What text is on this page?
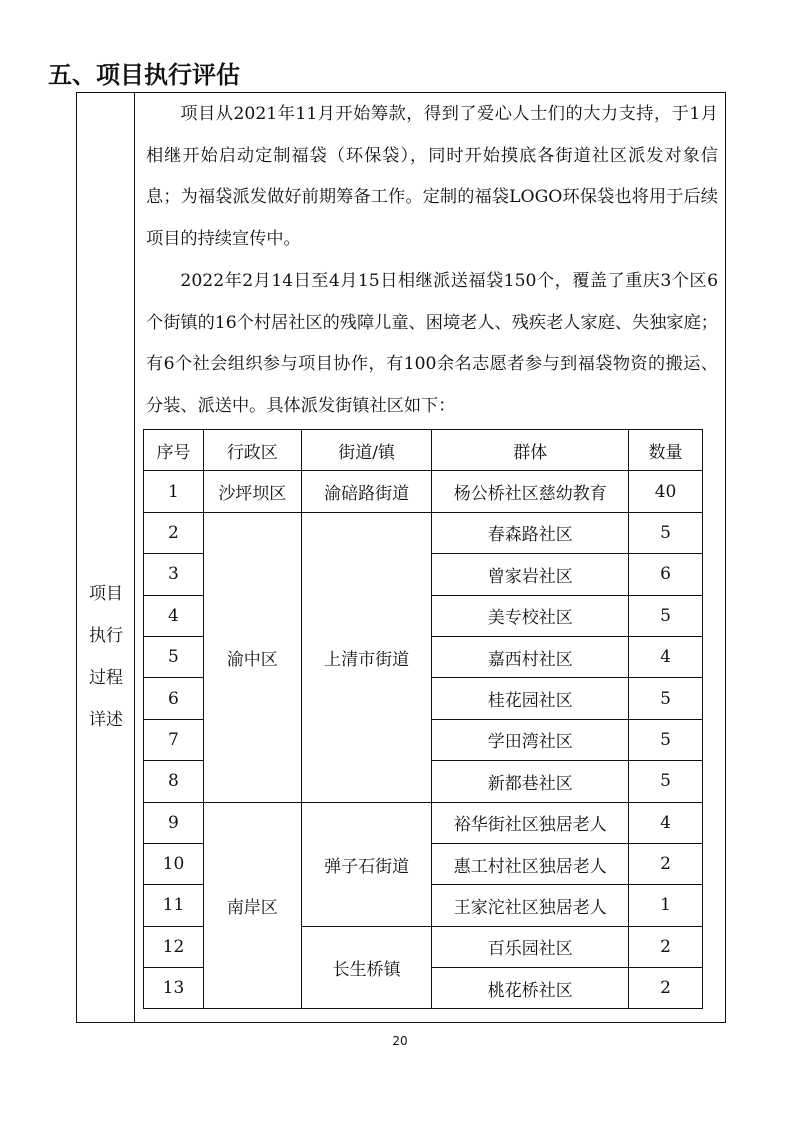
五、项目执行评估
项目
执行
过程
详述

项目从2021年11月开始筹款，得到了爱心人士们的大力支持，于1月相继开始启动定制福袋（环保袋），同时开始摸底各街道社区派发对象信息；为福袋派发做好前期筹备工作。定制的福袋LOGO环保袋也将用于后续项目的持续宣传中。

2022年2月14日至4月15日相继派送福袋150个，覆盖了重庆3个区6个街镇的16个村居社区的残障儿童、困境老人、残疾老人家庭、失独家庭；有6个社会组织参与项目协作，有100余名志愿者参与到福袋物资的搬运、分装、派送中。具体派发街镇社区如下：

序号	行政区	街道/镇	群体	数量
1	沙坪坝区	渝碚路街道	杨公桥社区慈幼教育	40
2	渝中区	上清市街道	春森路社区	5
3			曾家岩社区	6
4			美专校社区	5
5			嘉西村社区	4
6			桂花园社区	5
7			学田湾社区	5
8			新都巷社区	5
9	南岸区	弹子石街道	裕华街社区独居老人	4
10			惠工村社区独居老人	2
11			王家沱社区独居老人	1
12		长生桥镇	百乐园社区	2
13			桃花桥社区	2
20
